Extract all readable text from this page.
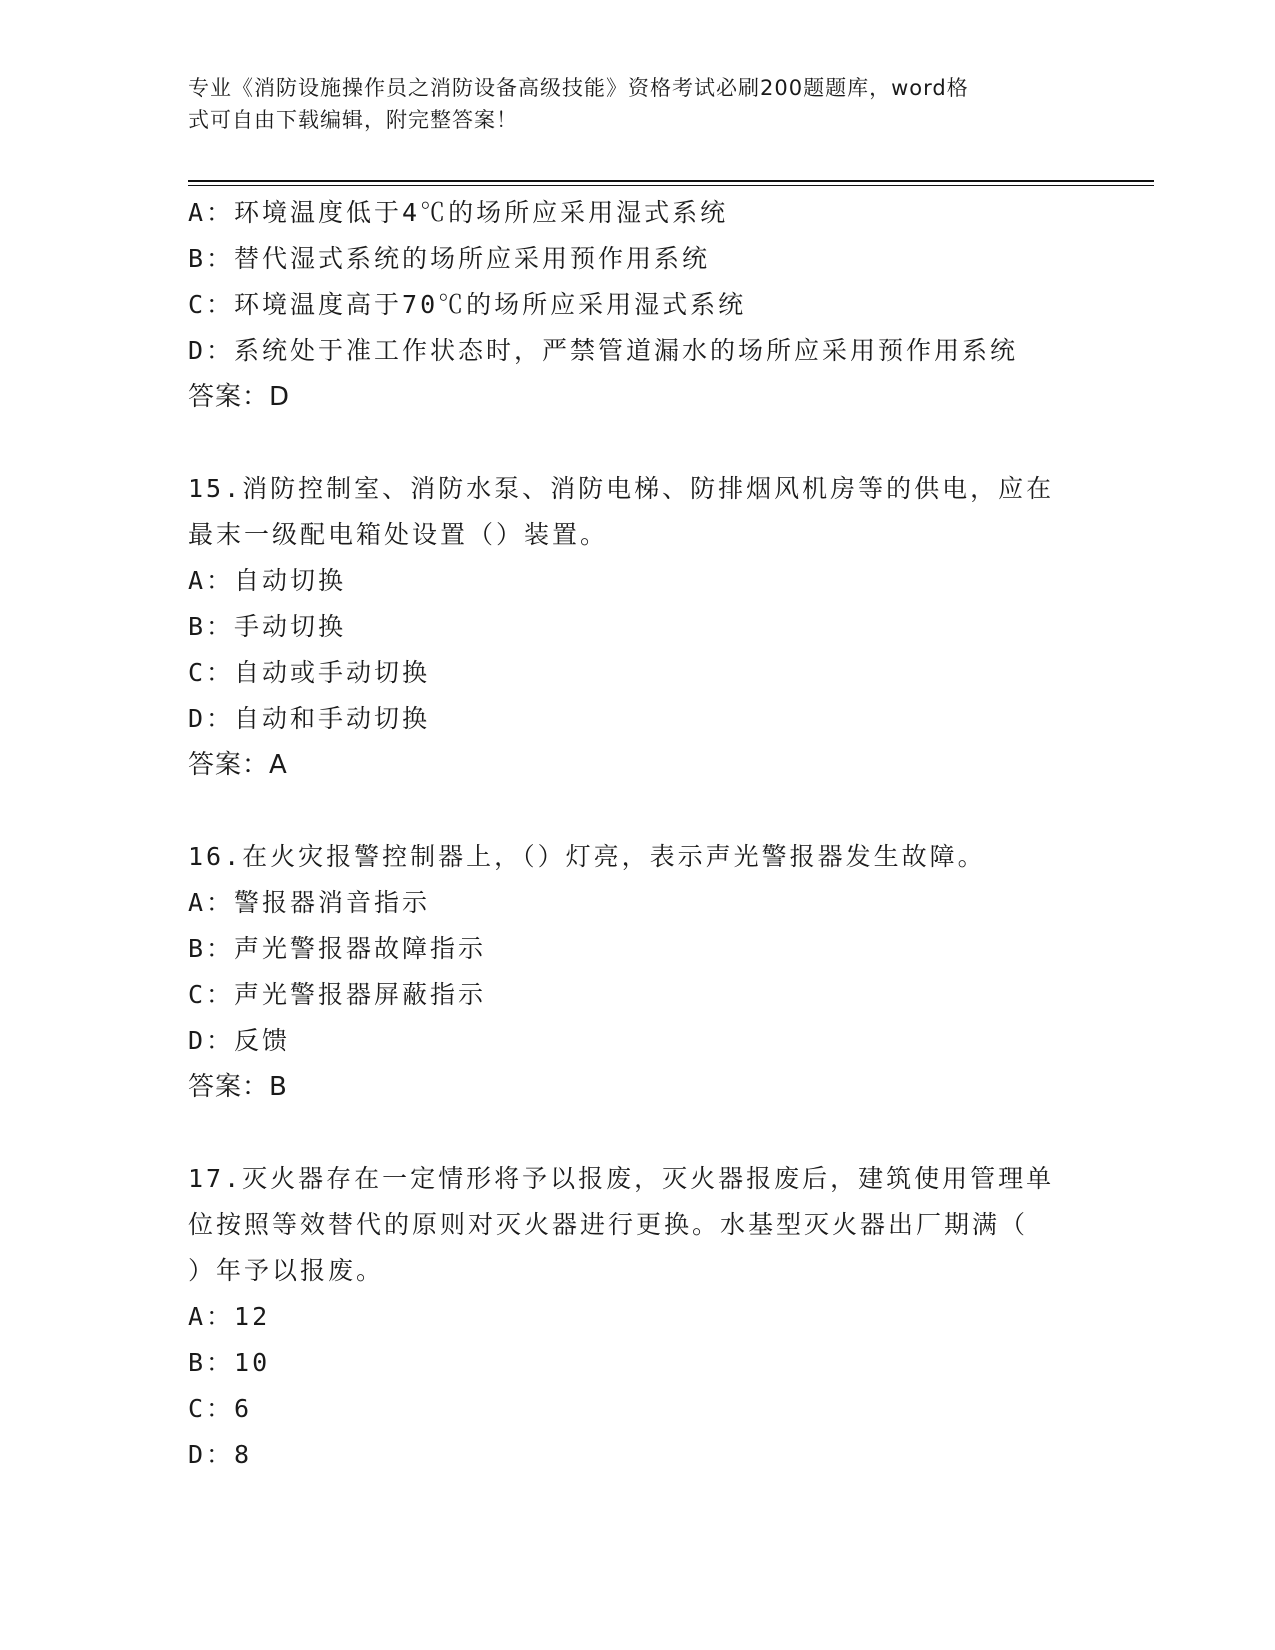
专业《消防设施操作员之消防设备高级技能》资格考试必刷200题题库，word格
式可自由下载编辑，附完整答案！
A：环境温度低于4℃的场所应采用湿式系统
B：替代湿式系统的场所应采用预作用系统
C：环境温度高于70℃的场所应采用湿式系统
D：系统处于准工作状态时，严禁管道漏水的场所应采用预作用系统
答案：D
15.消防控制室、消防水泵、消防电梯、防排烟风机房等的供电，应在
最末一级配电箱处设置（）装置。
A：自动切换
B：手动切换
C：自动或手动切换
D：自动和手动切换
答案：A
16.在火灾报警控制器上，（）灯亮，表示声光警报器发生故障。
A：警报器消音指示
B：声光警报器故障指示
C：声光警报器屏蔽指示
D：反馈
答案：B
17.灭火器存在一定情形将予以报废，灭火器报废后，建筑使用管理单
位按照等效替代的原则对灭火器进行更换。水基型灭火器出厂期满（
）年予以报废。
A：12
B：10
C：6
D：8
